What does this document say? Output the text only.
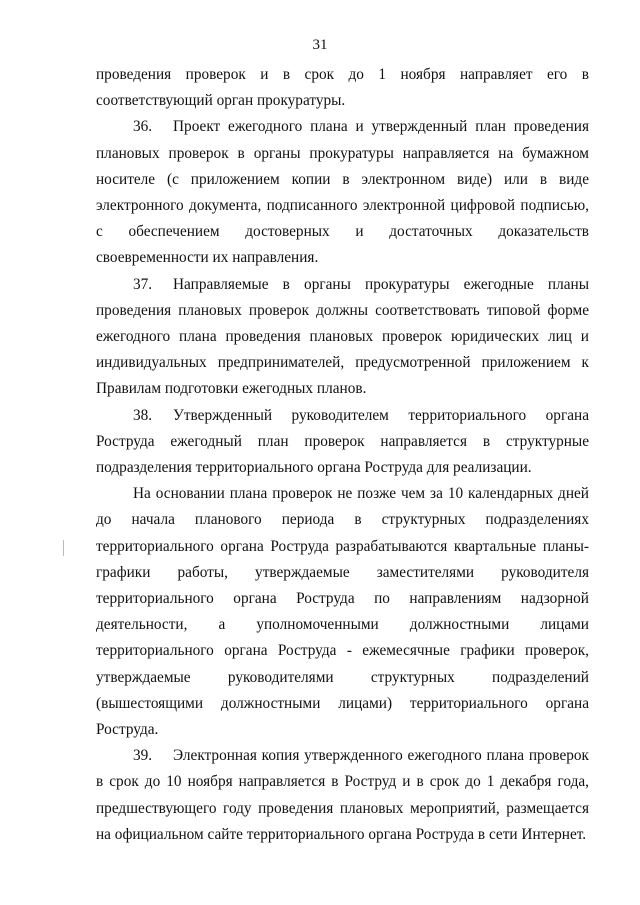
31

проведения проверок и в срок до 1 ноября направляет его в соответствующий орган прокуратуры.

36. Проект ежегодного плана и утвержденный план проведения плановых проверок в органы прокуратуры направляется на бумажном носителе (с приложением копии в электронном виде) или в виде электронного документа, подписанного электронной цифровой подписью, с обеспечением достоверных и достаточных доказательств своевременности их направления.

37. Направляемые в органы прокуратуры ежегодные планы проведения плановых проверок должны соответствовать типовой форме ежегодного плана проведения плановых проверок юридических лиц и индивидуальных предпринимателей, предусмотренной приложением к Правилам подготовки ежегодных планов.

38. Утвержденный руководителем территориального органа Роструда ежегодный план проверок направляется в структурные подразделения территориального органа Роструда для реализации.

На основании плана проверок не позже чем за 10 календарных дней до начала планового периода в структурных подразделениях территориального органа Роструда разрабатываются квартальные планы-графики работы, утверждаемые заместителями руководителя территориального органа Роструда по направлениям надзорной деятельности, а уполномоченными должностными лицами территориального органа Роструда - ежемесячные графики проверок, утверждаемые руководителями структурных подразделений (вышестоящими должностными лицами) территориального органа Роструда.

39. Электронная копия утвержденного ежегодного плана проверок в срок до 10 ноября направляется в Роструд и в срок до 1 декабря года, предшествующего году проведения плановых мероприятий, размещается на официальном сайте территориального органа Роструда в сети Интернет.
